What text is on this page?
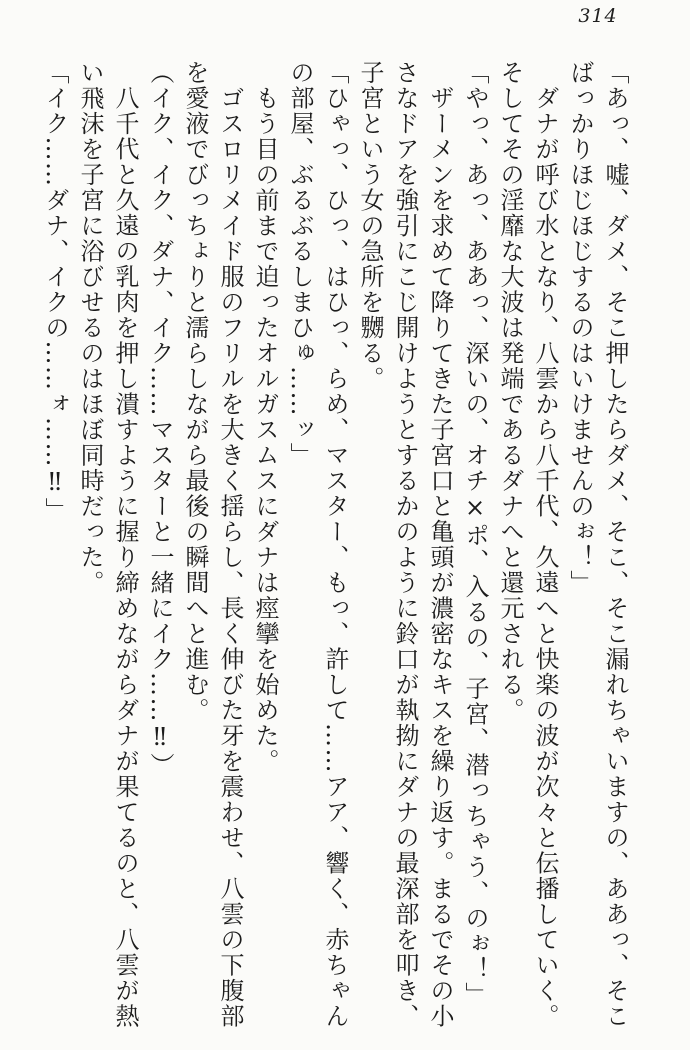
314

「あっ、嘘、ダメ、そこ押したらダメ、そこ、そこ漏れちゃいますの、ああっ、そこ

ばっかりほじほじするのはいけませんのぉ！」

　ダナが呼び水となり、八雲から八千代、久遠へと快楽の波が次々と伝播していく。

そしてその淫靡な大波は発端であるダナへと還元される。

「やっ、あっ、ああっ、深いの、オチ×ポ、入るの、子宮、潜っちゃう、のぉ！」

　ザーメンを求めて降りてきた子宮口と亀頭が濃密なキスを繰り返す。まるでその小

さなドアを強引にこじ開けようとするかのように鈴口が執拗にダナの最深部を叩き、

子宮という女の急所を嬲る。

「ひゃっ、ひっ、はひっ、らめ、マスター、もっ、許して……アア、響く、赤ちゃん

の部屋、ぶるぶるしまひゅ……ッ」

　もう目の前まで迫ったオルガスムスにダナは痙攣を始めた。

　ゴスロリメイド服のフリルを大きく揺らし、長く伸びた牙を震わせ、八雲の下腹部

を愛液でびっちょりと濡らしながら最後の瞬間へと進む。

（イク、イク、ダナ、イク……マスターと一緒にイク……‼）

　八千代と久遠の乳肉を押し潰すように握り締めながらダナが果てるのと、八雲が熱

い飛沫を子宮に浴びせるのはほぼ同時だった。

「イク……ダナ、イクの……ォ……‼」
